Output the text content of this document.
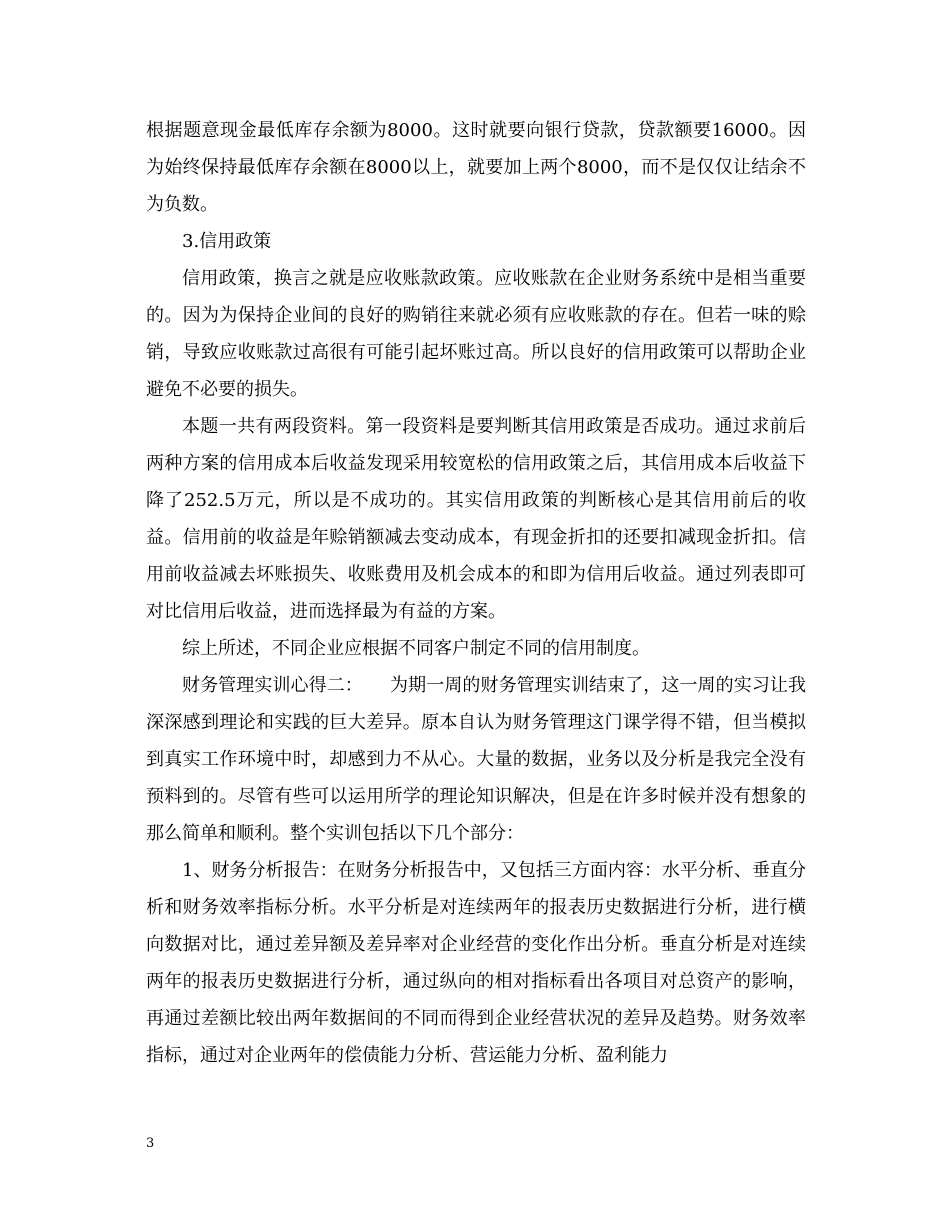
根据题意现金最低库存余额为8000。这时就要向银行贷款，贷款额要16000。因为始终保持最低库存余额在8000以上，就要加上两个8000，而不是仅仅让结余不为负数。

3.信用政策

信用政策，换言之就是应收账款政策。应收账款在企业财务系统中是相当重要的。因为为保持企业间的良好的购销往来就必须有应收账款的存在。但若一味的赊销，导致应收账款过高很有可能引起坏账过高。所以良好的信用政策可以帮助企业避免不必要的损失。

本题一共有两段资料。第一段资料是要判断其信用政策是否成功。通过求前后两种方案的信用成本后收益发现采用较宽松的信用政策之后，其信用成本后收益下降了252.5万元，所以是不成功的。其实信用政策的判断核心是其信用前后的收益。信用前的收益是年赊销额减去变动成本，有现金折扣的还要扣减现金折扣。信用前收益减去坏账损失、收账费用及机会成本的和即为信用后收益。通过列表即可对比信用后收益，进而选择最为有益的方案。

综上所述，不同企业应根据不同客户制定不同的信用制度。

财务管理实训心得二：　　为期一周的财务管理实训结束了，这一周的实习让我深深感到理论和实践的巨大差异。原本自认为财务管理这门课学得不错，但当模拟到真实工作环境中时，却感到力不从心。大量的数据，业务以及分析是我完全没有预料到的。尽管有些可以运用所学的理论知识解决，但是在许多时候并没有想象的那么简单和顺利。整个实训包括以下几个部分：

1、财务分析报告：在财务分析报告中，又包括三方面内容：水平分析、垂直分析和财务效率指标分析。水平分析是对连续两年的报表历史数据进行分析，进行横向数据对比，通过差异额及差异率对企业经营的变化作出分析。垂直分析是对连续两年的报表历史数据进行分析，通过纵向的相对指标看出各项目对总资产的影响，再通过差额比较出两年数据间的不同而得到企业经营状况的差异及趋势。财务效率指标，通过对企业两年的偿债能力分析、营运能力分析、盈利能力

3
